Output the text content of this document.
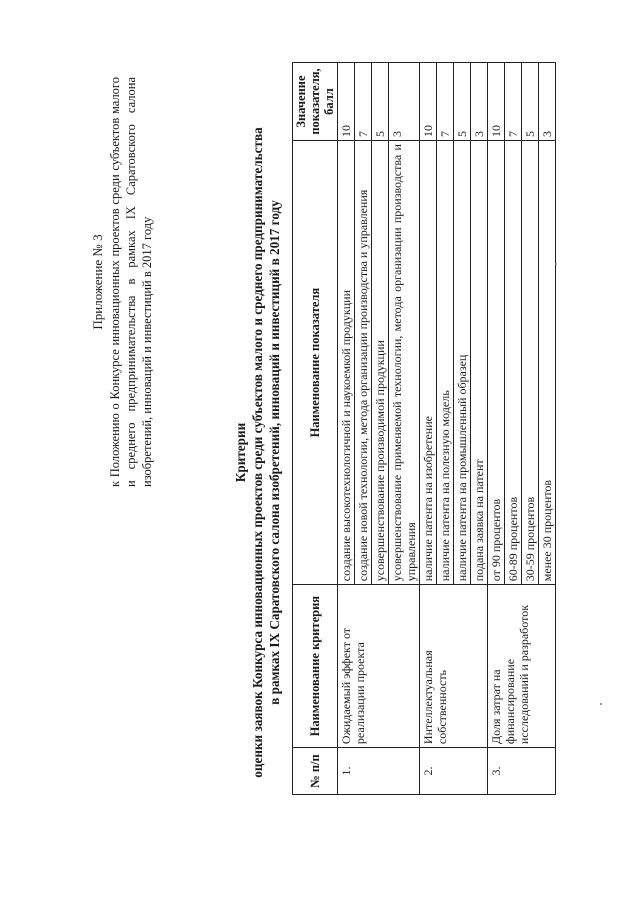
Приложение № 3 к Положению о Конкурсе инновационных проектов среди субъектов малого и среднего предпринимательства в рамках IX Саратовского салона изобретений, инноваций и инвестиций в 2017 году	Критерии оценки заявок Конкурса инновационных проектов среди субъектов малого и среднего предпринимательства в рамках IX Саратовского салона изобретений, инноваций и инвестиций в 2017 году
№ п/п	Наименование критерия	Наименование показателя	Значение показателя, балл
1.	Ожидаемый эффект от реализации проекта	создание высокотехнологичной и наукоемкой продукции	10
		создание новой технологии, метода организации производства и управления	7
		усовершенствование производимой продукции	5
		усовершенствование применяемой технологии, метода организации производства и управления	3
2.	Интеллектуальная собственность	наличие патента на изобретение	10
		наличие патента на полезную модель	7
		наличие патента на промышленный образец	5
		подана заявка на патент	3
3.	Доля затрат на финансирование исследований и разработок	от 90 процентов	10
		60-89 процентов	7
		30-59 процентов	5
		менее 30 процентов	3
